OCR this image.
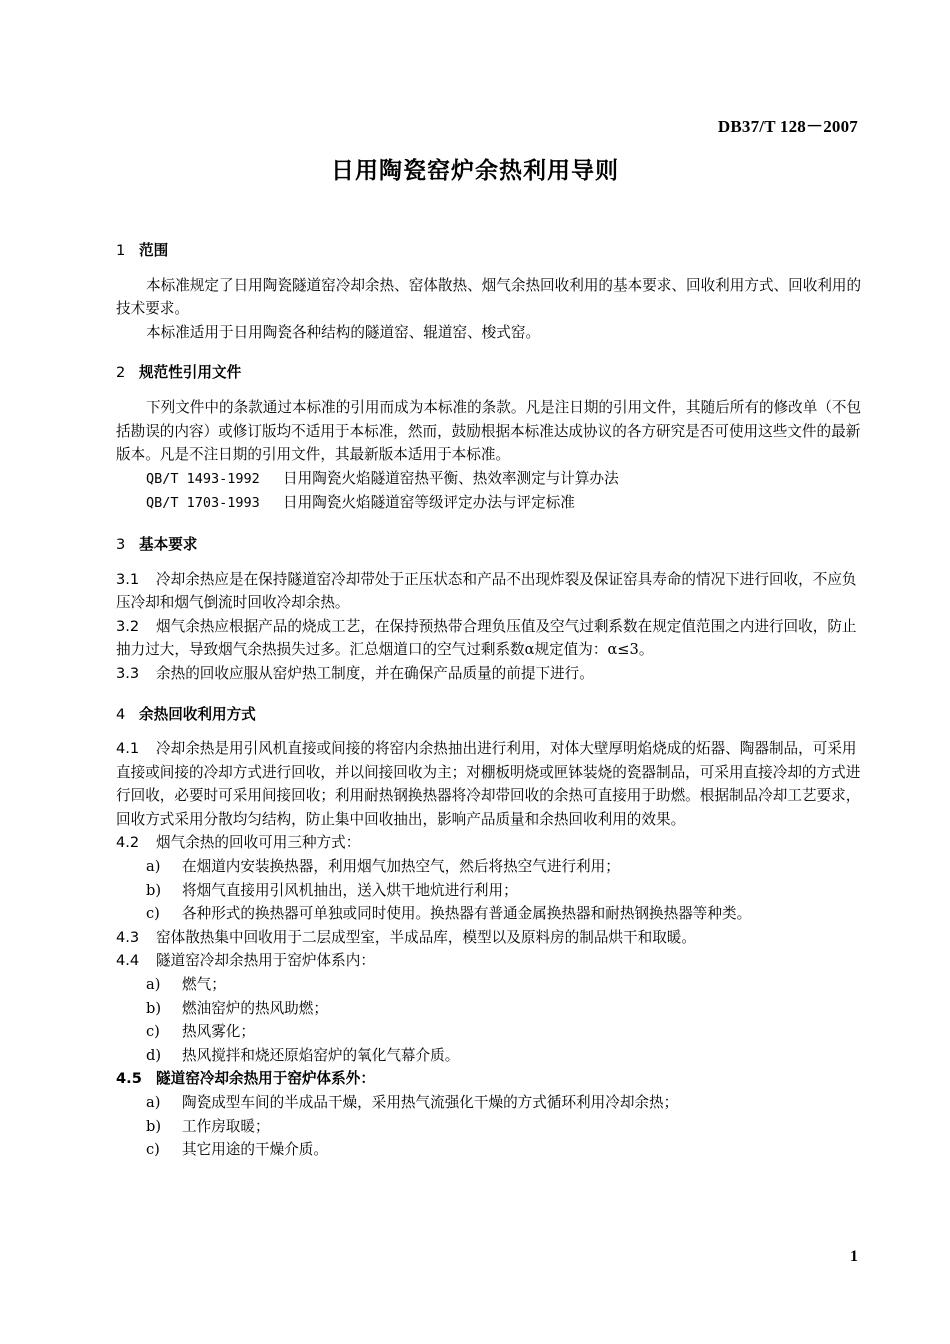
DB37/T 128－2007
日用陶瓷窑炉余热利用导则
1 范围

本标准规定了日用陶瓷隧道窑冷却余热、窑体散热、烟气余热回收利用的基本要求、回收利用方式、回收利用的技术要求。

本标准适用于日用陶瓷各种结构的隧道窑、辊道窑、梭式窑。

2 规范性引用文件

下列文件中的条款通过本标准的引用而成为本标准的条款。凡是注日期的引用文件，其随后所有的修改单（不包括勘误的内容）或修订版均不适用于本标准，然而，鼓励根据本标准达成协议的各方研究是否可使用这些文件的最新版本。凡是不注日期的引用文件，其最新版本适用于本标准。

QB/T 1493-1992 日用陶瓷火焰隧道窑热平衡、热效率测定与计算办法

QB/T 1703-1993 日用陶瓷火焰隧道窑等级评定办法与评定标准

3 基本要求

3.1 冷却余热应是在保持隧道窑冷却带处于正压状态和产品不出现炸裂及保证窑具寿命的情况下进行回收，不应负压冷却和烟气倒流时回收冷却余热。

3.2 烟气余热应根据产品的烧成工艺，在保持预热带合理负压值及空气过剩系数在规定值范围之内进行回收，防止抽力过大，导致烟气余热损失过多。汇总烟道口的空气过剩系数α规定值为：α≤3。

3.3 余热的回收应服从窑炉热工制度，并在确保产品质量的前提下进行。

4 余热回收利用方式

4.1 冷却余热是用引风机直接或间接的将窑内余热抽出进行利用，对体大壁厚明焰烧成的炻器、陶器制品，可采用直接或间接的冷却方式进行回收，并以间接回收为主；对棚板明烧或匣钵装烧的瓷器制品，可采用直接冷却的方式进行回收，必要时可采用间接回收；利用耐热钢换热器将冷却带回收的余热可直接用于助燃。根据制品冷却工艺要求，回收方式采用分散均匀结构，防止集中回收抽出，影响产品质量和余热回收利用的效果。

4.2 烟气余热的回收可用三种方式：

a) 在烟道内安装换热器，利用烟气加热空气，然后将热空气进行利用；

b) 将烟气直接用引风机抽出，送入烘干地炕进行利用；

c) 各种形式的换热器可单独或同时使用。换热器有普通金属换热器和耐热钢换热器等种类。

4.3 窑体散热集中回收用于二层成型室，半成品库，模型以及原料房的制品烘干和取暖。

4.4 隧道窑冷却余热用于窑炉体系内：

a) 燃气；

b) 燃油窑炉的热风助燃；

c) 热风雾化；

d) 热风搅拌和烧还原焰窑炉的氧化气幕介质。

4.5 隧道窑冷却余热用于窑炉体系外：

a) 陶瓷成型车间的半成品干燥，采用热气流强化干燥的方式循环利用冷却余热；

b) 工作房取暖；

c) 其它用途的干燥介质。

1
